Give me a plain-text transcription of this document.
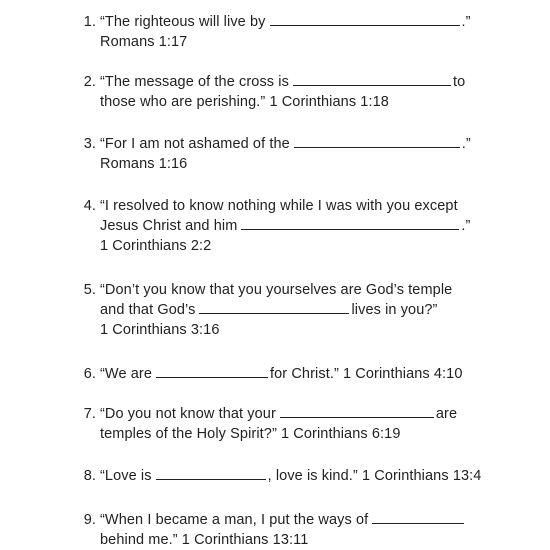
1. “The righteous will live by	.”
Romans 1:17
2. “The message of the cross is	to
those who are perishing.” 1 Corinthians 1:18
3. “For I am not ashamed of the	.”
Romans 1:16
4. “I resolved to know nothing while I was with you except
Jesus Christ and him	.”
1 Corinthians 2:2
5. “Don’t you know that you yourselves are God’s temple
and that God’s	lives in you?”
1 Corinthians 3:16
6. “We are	for Christ.” 1 Corinthians 4:10
7. “Do you not know that your	are
temples of the Holy Spirit?” 1 Corinthians 6:19
8. “Love is	, love is kind.” 1 Corinthians 13:4
9. “When I became a man, I put the ways of
behind me.” 1 Corinthians 13:11
